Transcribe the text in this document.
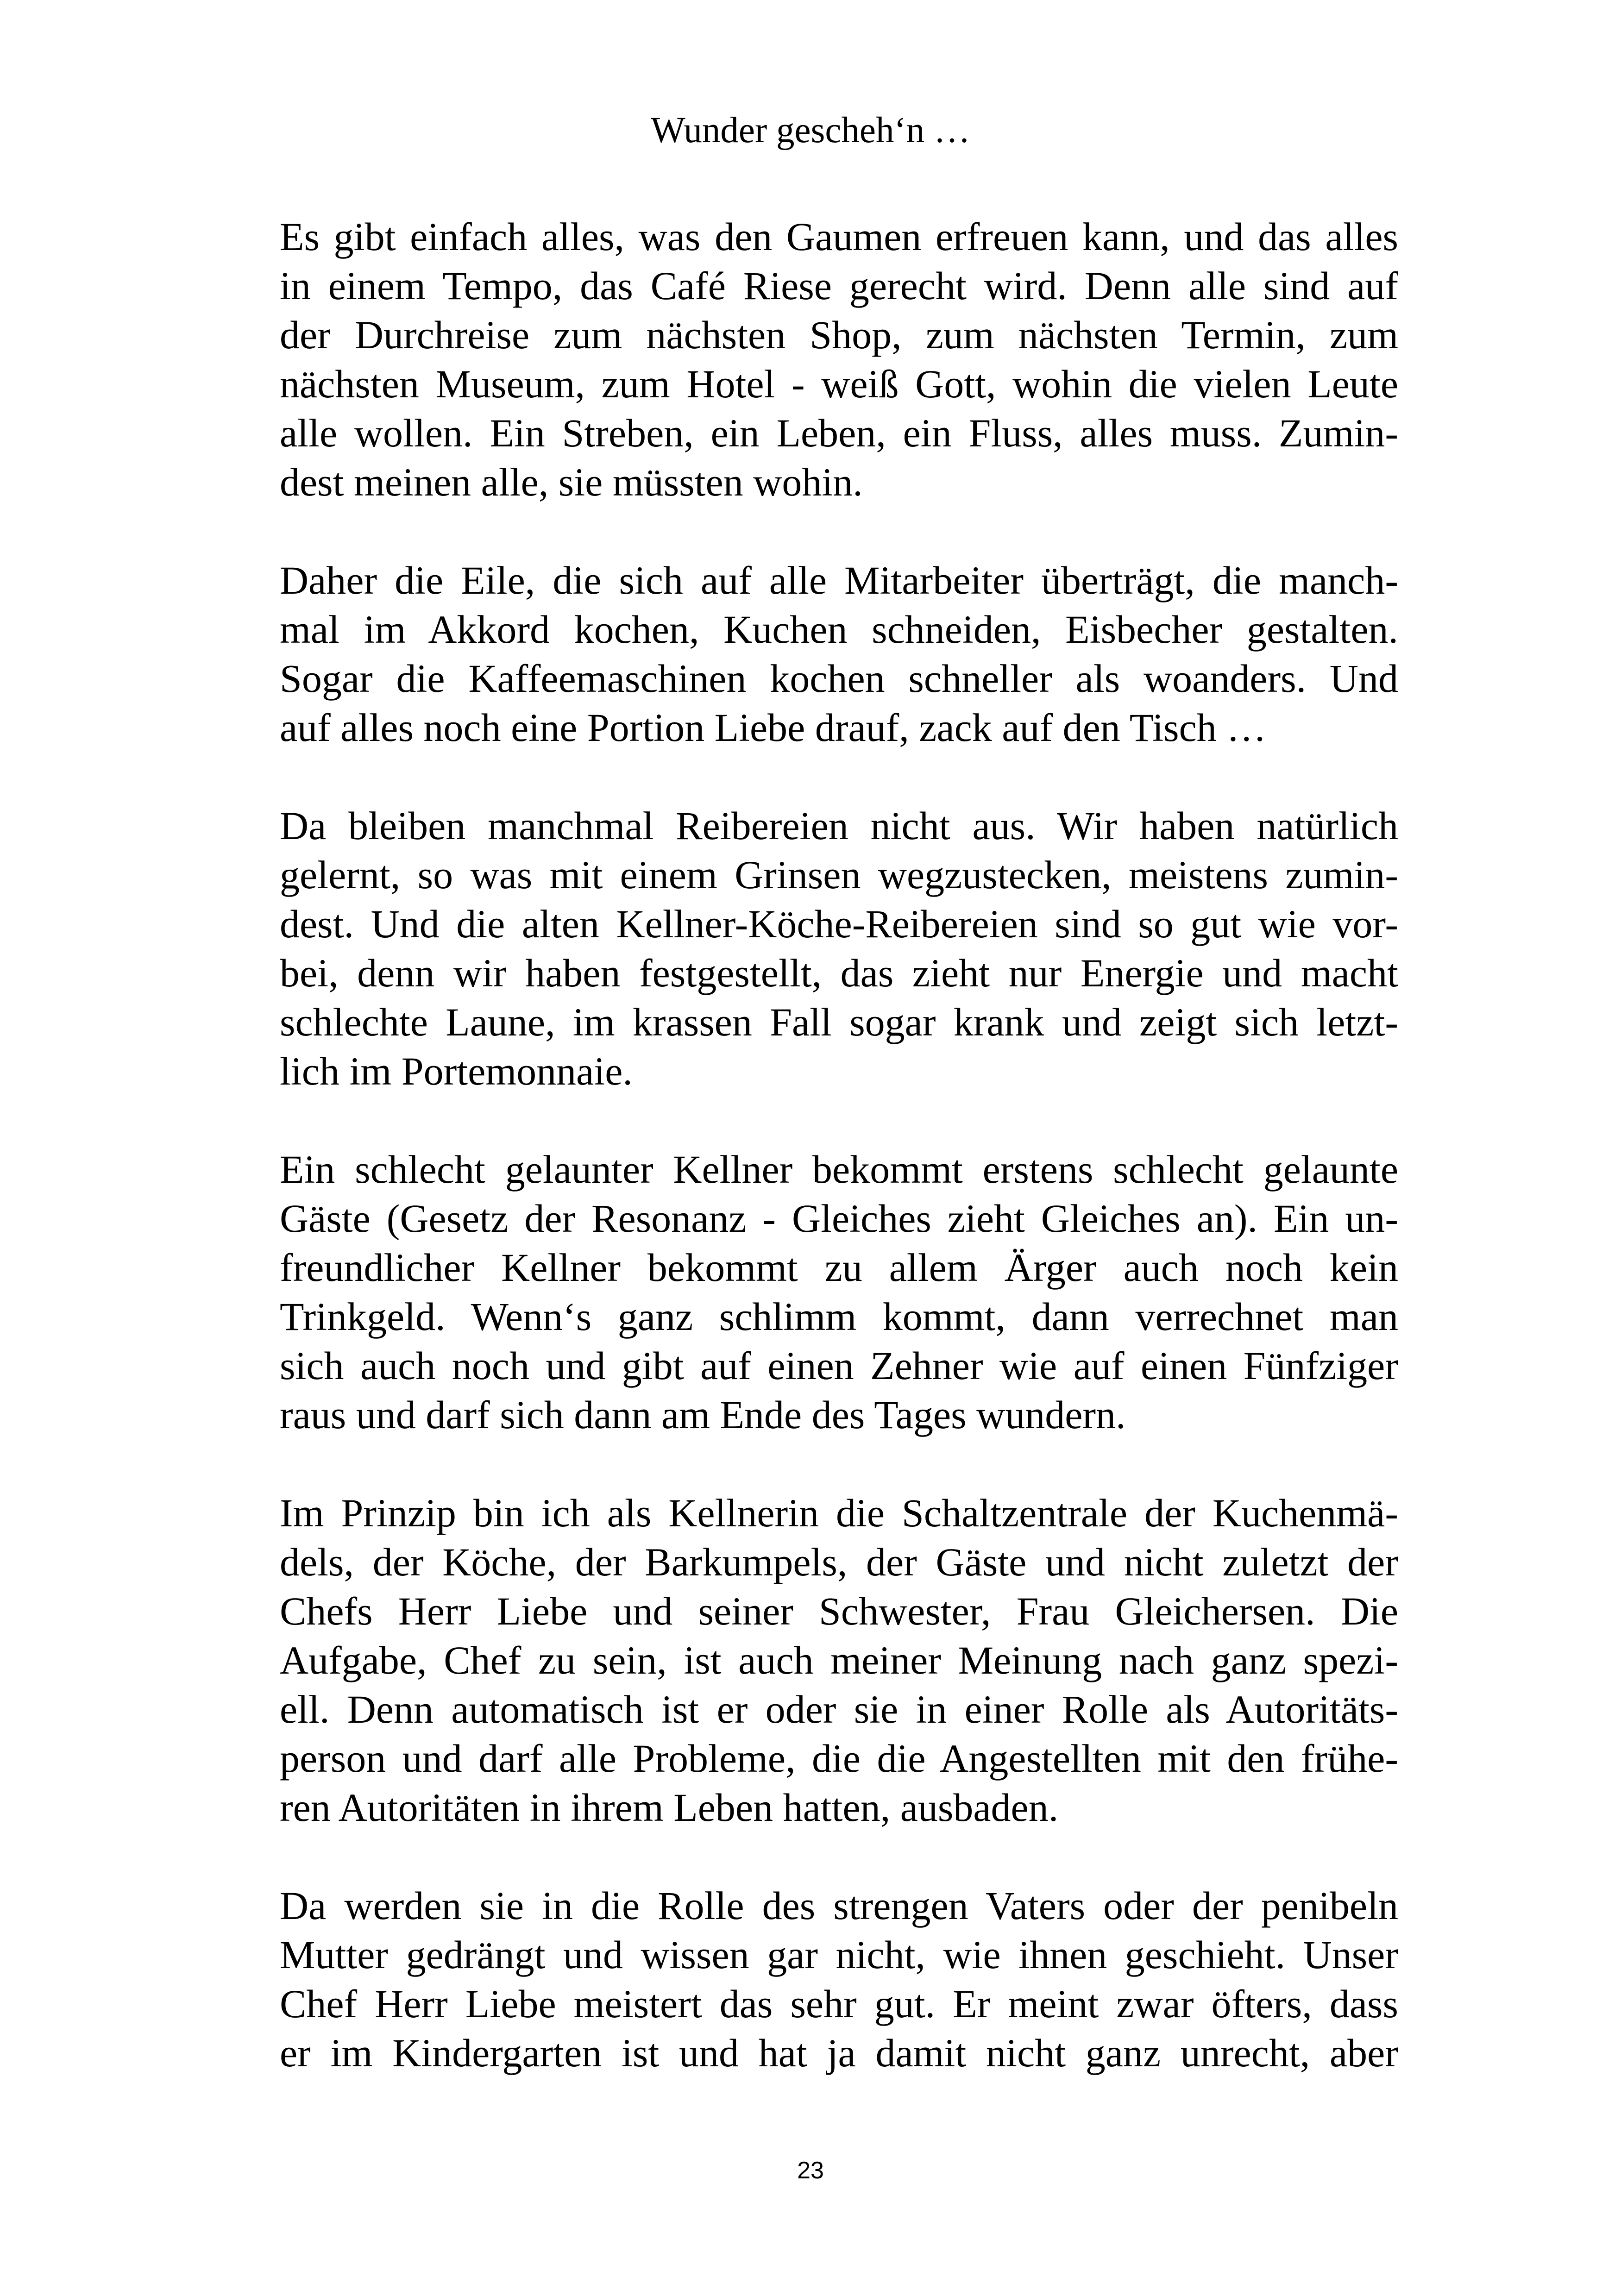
Wunder gescheh‘n …

Es gibt einfach alles, was den Gaumen erfreuen kann, und das alles
in einem Tempo, das Café Riese gerecht wird. Denn alle sind auf
der Durchreise zum nächsten Shop, zum nächsten Termin, zum
nächsten Museum, zum Hotel - weiß Gott, wohin die vielen Leute
alle wollen. Ein Streben, ein Leben, ein Fluss, alles muss. Zumin-
dest meinen alle, sie müssten wohin.

Daher die Eile, die sich auf alle Mitarbeiter überträgt, die manch-
mal im Akkord kochen, Kuchen schneiden, Eisbecher gestalten.
Sogar die Kaffeemaschinen kochen schneller als woanders. Und
auf alles noch eine Portion Liebe drauf, zack auf den Tisch …

Da bleiben manchmal Reibereien nicht aus. Wir haben natürlich
gelernt, so was mit einem Grinsen wegzustecken, meistens zumin-
dest. Und die alten Kellner-Köche-Reibereien sind so gut wie vor-
bei, denn wir haben festgestellt, das zieht nur Energie und macht
schlechte Laune, im krassen Fall sogar krank und zeigt sich letzt-
lich im Portemonnaie.

Ein schlecht gelaunter Kellner bekommt erstens schlecht gelaunte
Gäste (Gesetz der Resonanz - Gleiches zieht Gleiches an). Ein un-
freundlicher Kellner bekommt zu allem Ärger auch noch kein
Trinkgeld. Wenn‘s ganz schlimm kommt, dann verrechnet man
sich auch noch und gibt auf einen Zehner wie auf einen Fünfziger
raus und darf sich dann am Ende des Tages wundern.

Im Prinzip bin ich als Kellnerin die Schaltzentrale der Kuchenmä-
dels, der Köche, der Barkumpels, der Gäste und nicht zuletzt der
Chefs Herr Liebe und seiner Schwester, Frau Gleichersen. Die
Aufgabe, Chef zu sein, ist auch meiner Meinung nach ganz spezi-
ell. Denn automatisch ist er oder sie in einer Rolle als Autoritäts-
person und darf alle Probleme, die die Angestellten mit den frühe-
ren Autoritäten in ihrem Leben hatten, ausbaden.

Da werden sie in die Rolle des strengen Vaters oder der penibeln
Mutter gedrängt und wissen gar nicht, wie ihnen geschieht. Unser
Chef Herr Liebe meistert das sehr gut. Er meint zwar öfters, dass
er im Kindergarten ist und hat ja damit nicht ganz unrecht, aber

23
